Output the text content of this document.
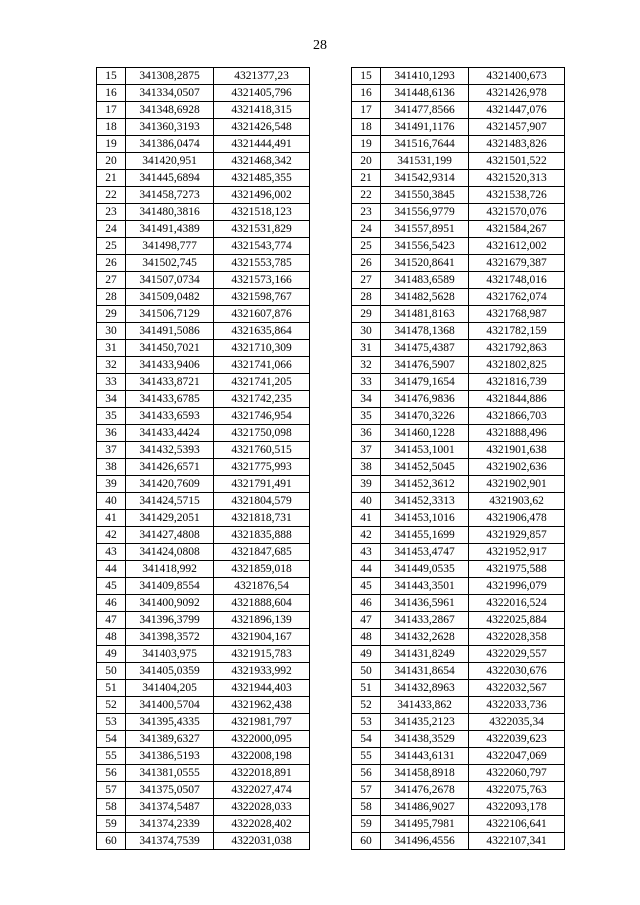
28
15	341308,2875	4321377,23
16	341334,0507	4321405,796
17	341348,6928	4321418,315
18	341360,3193	4321426,548
19	341386,0474	4321444,491
20	341420,951	4321468,342
21	341445,6894	4321485,355
22	341458,7273	4321496,002
23	341480,3816	4321518,123
24	341491,4389	4321531,829
25	341498,777	4321543,774
26	341502,745	4321553,785
27	341507,0734	4321573,166
28	341509,0482	4321598,767
29	341506,7129	4321607,876
30	341491,5086	4321635,864
31	341450,7021	4321710,309
32	341433,9406	4321741,066
33	341433,8721	4321741,205
34	341433,6785	4321742,235
35	341433,6593	4321746,954
36	341433,4424	4321750,098
37	341432,5393	4321760,515
38	341426,6571	4321775,993
39	341420,7609	4321791,491
40	341424,5715	4321804,579
41	341429,2051	4321818,731
42	341427,4808	4321835,888
43	341424,0808	4321847,685
44	341418,992	4321859,018
45	341409,8554	4321876,54
46	341400,9092	4321888,604
47	341396,3799	4321896,139
48	341398,3572	4321904,167
49	341403,975	4321915,783
50	341405,0359	4321933,992
51	341404,205	4321944,403
52	341400,5704	4321962,438
53	341395,4335	4321981,797
54	341389,6327	4322000,095
55	341386,5193	4322008,198
56	341381,0555	4322018,891
57	341375,0507	4322027,474
58	341374,5487	4322028,033
59	341374,2339	4322028,402
60	341374,7539	4322031,038
15	341410,1293	4321400,673
16	341448,6136	4321426,978
17	341477,8566	4321447,076
18	341491,1176	4321457,907
19	341516,7644	4321483,826
20	341531,199	4321501,522
21	341542,9314	4321520,313
22	341550,3845	4321538,726
23	341556,9779	4321570,076
24	341557,8951	4321584,267
25	341556,5423	4321612,002
26	341520,8641	4321679,387
27	341483,6589	4321748,016
28	341482,5628	4321762,074
29	341481,8163	4321768,987
30	341478,1368	4321782,159
31	341475,4387	4321792,863
32	341476,5907	4321802,825
33	341479,1654	4321816,739
34	341476,9836	4321844,886
35	341470,3226	4321866,703
36	341460,1228	4321888,496
37	341453,1001	4321901,638
38	341452,5045	4321902,636
39	341452,3612	4321902,901
40	341452,3313	4321903,62
41	341453,1016	4321906,478
42	341455,1699	4321929,857
43	341453,4747	4321952,917
44	341449,0535	4321975,588
45	341443,3501	4321996,079
46	341436,5961	4322016,524
47	341433,2867	4322025,884
48	341432,2628	4322028,358
49	341431,8249	4322029,557
50	341431,8654	4322030,676
51	341432,8963	4322032,567
52	341433,862	4322033,736
53	341435,2123	4322035,34
54	341438,3529	4322039,623
55	341443,6131	4322047,069
56	341458,8918	4322060,797
57	341476,2678	4322075,763
58	341486,9027	4322093,178
59	341495,7981	4322106,641
60	341496,4556	4322107,341
